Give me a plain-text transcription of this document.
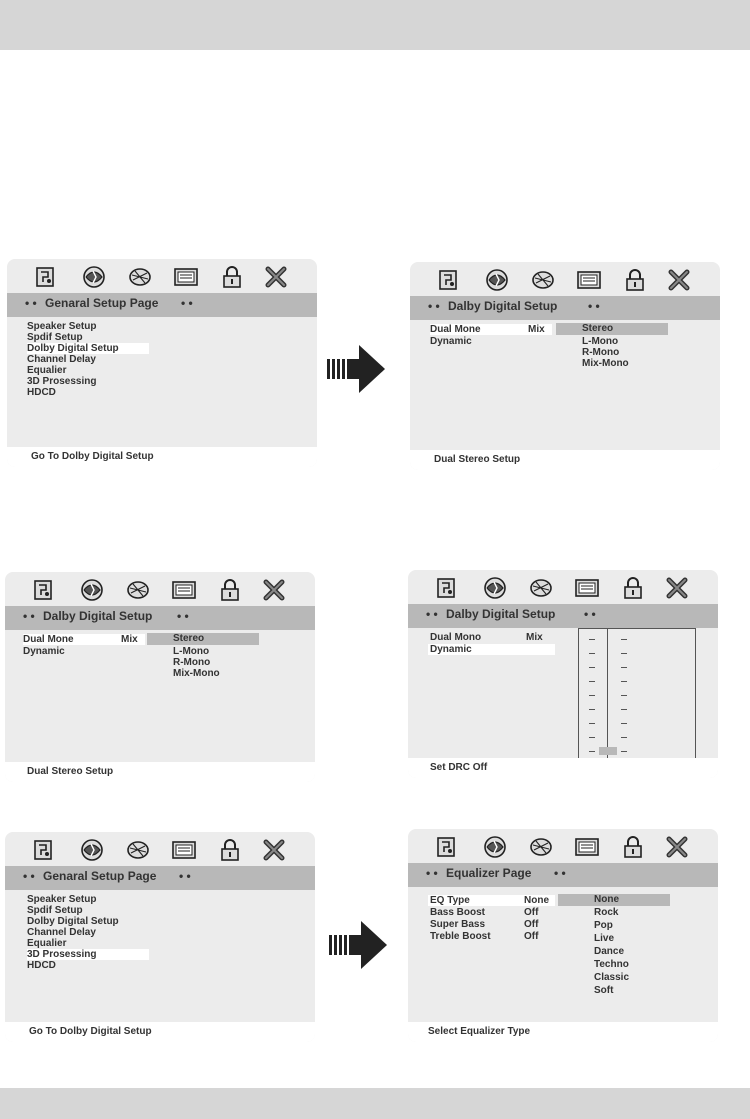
• • Genaral Setup Page • •
Speaker Setup
Spdif Setup
Dolby Digital Setup
Channel Delay
Equalier
3D Prosessing
HDCD
Go To Dolby Digital Setup
• • Dalby Digital Setup	• •
Dual Mone	Mix
Dynamic
Stereo
L-Mono
R-Mono
Mix-Mono
Dual Stereo Setup
• • Dalby Digital Setup • •
Dual Mone	Mix
Dynamic
Stereo
L-Mono
R-Mono
Mix-Mono
Dual Stereo Setup
• • Dalby Digital Setup • •
Dual Mono	Mix
Dynamic
Set DRC Off
• • Genaral Setup Page • •
Speaker Setup
Spdif Setup
Dolby Digital Setup
Channel Delay
Equalier
3D Prosessing
HDCD
Go To Dolby Digital Setup
• • Equalizer Page • •
EQ Type	None
Bass Boost	Off
Super Bass	Off
Treble Boost	Off
None
Rock
Pop
Live
Dance
Techno
Classic
Soft
Select Equalizer Type
